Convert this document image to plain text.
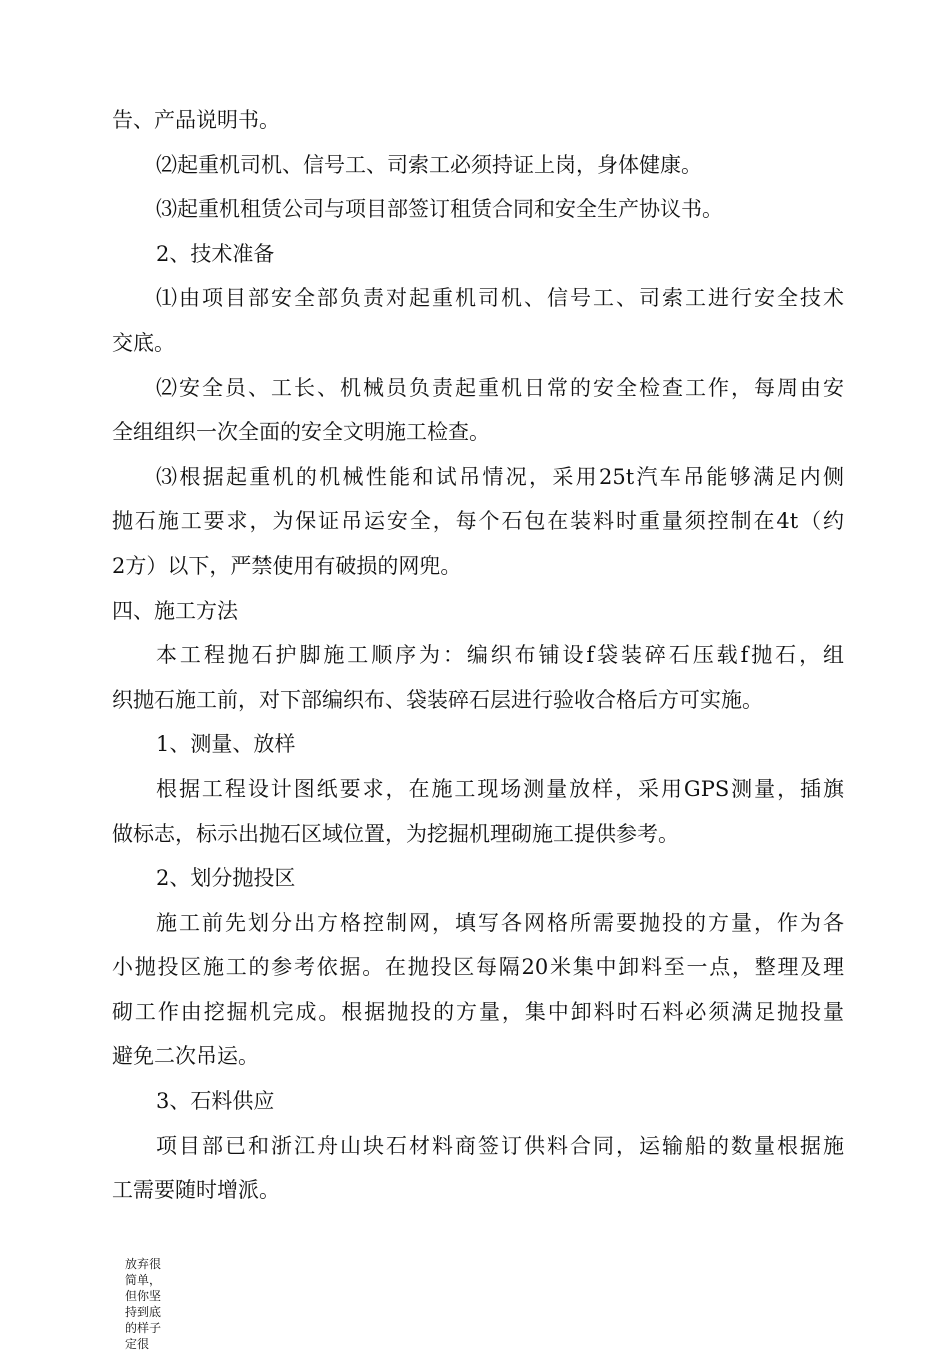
告、产品说明书。

⑵起重机司机、信号工、司索工必须持证上岗，身体健康。

⑶起重机租赁公司与项目部签订租赁合同和安全生产协议书。

2、技术准备

⑴由项目部安全部负责对起重机司机、信号工、司索工进行安全技术

交底。

⑵安全员、工长、机械员负责起重机日常的安全检查工作，每周由安

全组组织一次全面的安全文明施工检查。

⑶根据起重机的机械性能和试吊情况，采用25t汽车吊能够满足内侧

抛石施工要求，为保证吊运安全，每个石包在装料时重量须控制在4t（约

2方）以下，严禁使用有破损的网兜。

四、施工方法

本工程抛石护脚施工顺序为：编织布铺设f袋装碎石压载f抛石，组

织抛石施工前，对下部编织布、袋装碎石层进行验收合格后方可实施。

1、测量、放样

根据工程设计图纸要求，在施工现场测量放样，采用GPS测量，插旗

做标志，标示出抛石区域位置，为挖掘机理砌施工提供参考。

2、划分抛投区

施工前先划分出方格控制网，填写各网格所需要抛投的方量，作为各

小抛投区施工的参考依据。在抛投区每隔20米集中卸料至一点，整理及理

砌工作由挖掘机完成。根据抛投的方量，集中卸料时石料必须满足抛投量

避免二次吊运。

3、石料供应

项目部已和浙江舟山块石材料商签订供料合同，运输船的数量根据施

工需要随时增派。

放弃很
简单，
但你坚
持到底
的样子
定很
